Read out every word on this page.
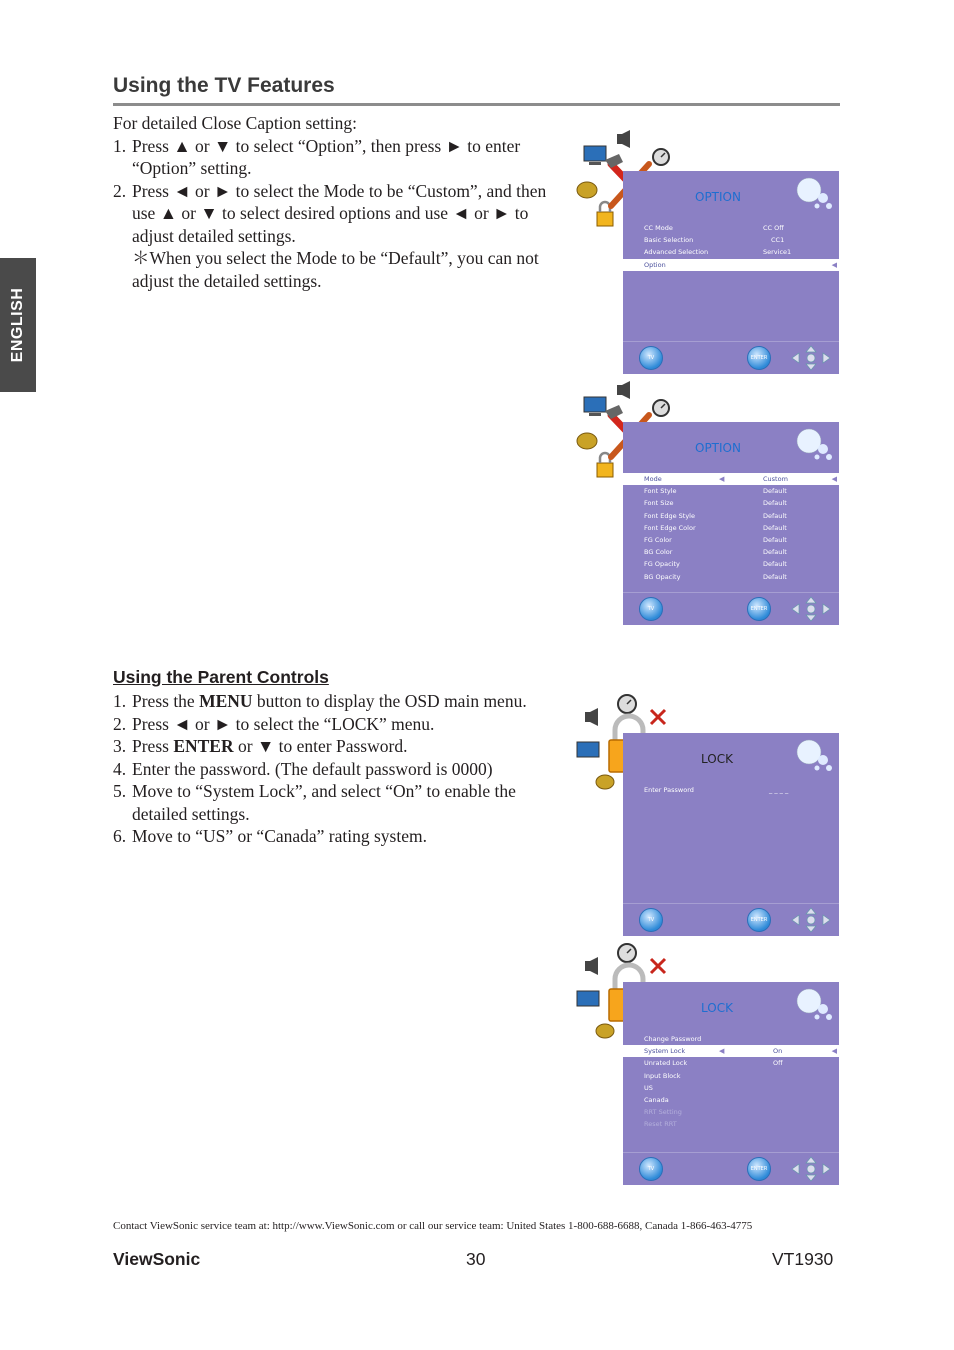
Using the TV Features
ENGLISH

For detailed Close Caption setting:

1. Press ▲ or ▼ to select “Option”, then press ► to enter “Option” setting.
2. Press ◄ or ► to select the Mode to be “Custom”, and then use ▲ or ▼ to select desired options and use ◄ or ► to adjust detailed settings.

＊When you select the Mode to be “Default”, you can not adjust the detailed settings.

Using the Parent Controls
1. Press the MENU button to display the OSD main menu.
2. Press ◄ or ► to select the “LOCK” menu.
3. Press ENTER or ▼ to enter Password.
4. Enter the password. (The default password is 0000)
5. Move to “System Lock”, and select “On” to enable the detailed settings.
6. Move to “US” or “Canada” rating system.
OPTION
CC Mode	CC Off
Basic Selection	CC1
Advanced Selection	Service1
Option	◀
TV MENU
ENTER
OPTION
Mode	◀	Custom	◀
Font Style	Default
Font Size	Default
Font Edge Style	Default
Font Edge Color	Default
FG Color	Default
BG Color	Default
FG Opacity	Default
BG Opacity	Default
TV MENU
ENTER
LOCK
Enter Password	_ _ _ _
TV MENU
ENTER
LOCK
Change Password
System Lock	◀	On	◀
Unrated Lock	Off
Input Block
US
Canada
RRT Setting
Reset RRT
TV MENU
ENTER
Contact ViewSonic service team at: http://www.ViewSonic.com or call our service team: United States 1-800-688-6688, Canada 1-866-463-4775
ViewSonic	30	VT1930
